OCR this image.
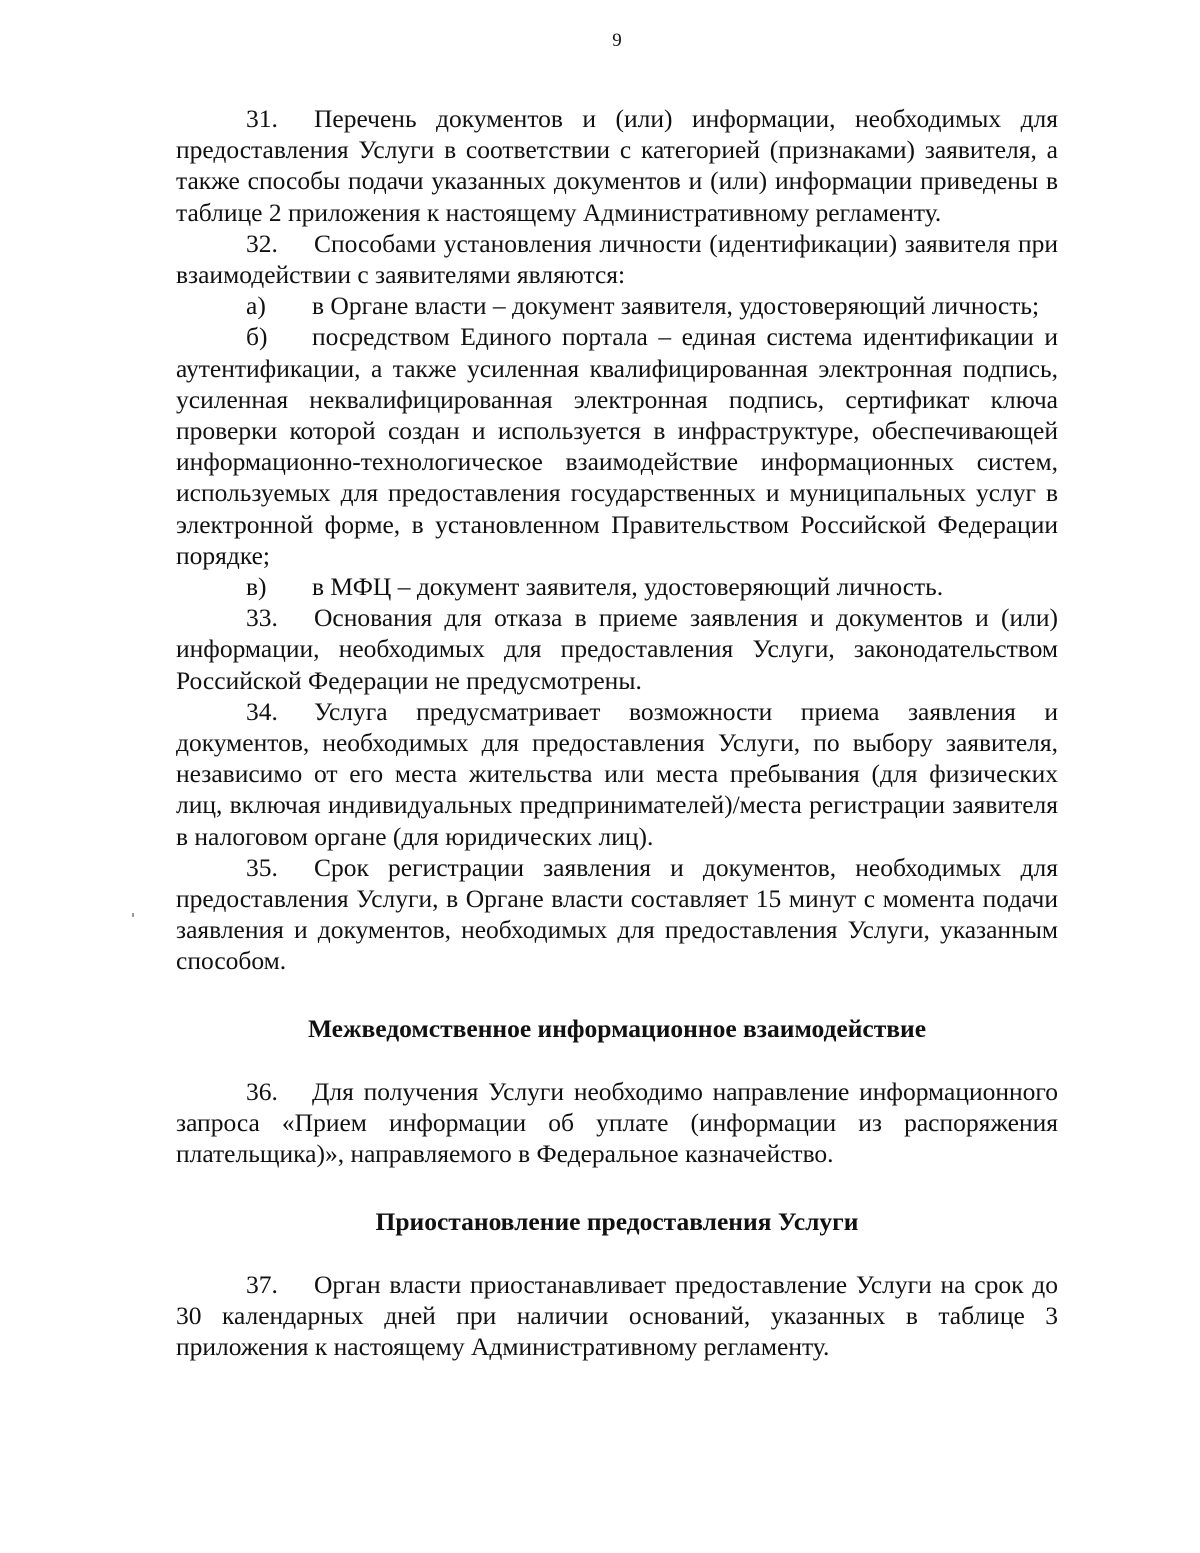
9

31. Перечень документов и (или) информации, необходимых для предоставления Услуги в соответствии с категорией (признаками) заявителя, а также способы подачи указанных документов и (или) информации приведены в таблице 2 приложения к настоящему Административному регламенту.

32. Способами установления личности (идентификации) заявителя при взаимодействии с заявителями являются:

а) в Органе власти – документ заявителя, удостоверяющий личность;

б) посредством Единого портала – единая система идентификации и аутентификации, а также усиленная квалифицированная электронная подпись, усиленная неквалифицированная электронная подпись, сертификат ключа проверки которой создан и используется в инфраструктуре, обеспечивающей информационно-технологическое взаимодействие информационных систем, используемых для предоставления государственных и муниципальных услуг в электронной форме, в установленном Правительством Российской Федерации порядке;

в) в МФЦ – документ заявителя, удостоверяющий личность.

33. Основания для отказа в приеме заявления и документов и (или) информации, необходимых для предоставления Услуги, законодательством Российской Федерации не предусмотрены.

34. Услуга предусматривает возможности приема заявления и документов, необходимых для предоставления Услуги, по выбору заявителя, независимо от его места жительства или места пребывания (для физических лиц, включая индивидуальных предпринимателей)/места регистрации заявителя в налоговом органе (для юридических лиц).

35. Срок регистрации заявления и документов, необходимых для предоставления Услуги, в Органе власти составляет 15 минут с момента подачи заявления и документов, необходимых для предоставления Услуги, указанным способом.

Межведомственное информационное взаимодействие

36. Для получения Услуги необходимо направление информационного запроса «Прием информации об уплате (информации из распоряжения плательщика)», направляемого в Федеральное казначейство.

Приостановление предоставления Услуги

37. Орган власти приостанавливает предоставление Услуги на срок до 30 календарных дней при наличии оснований, указанных в таблице 3 приложения к настоящему Административному регламенту.
